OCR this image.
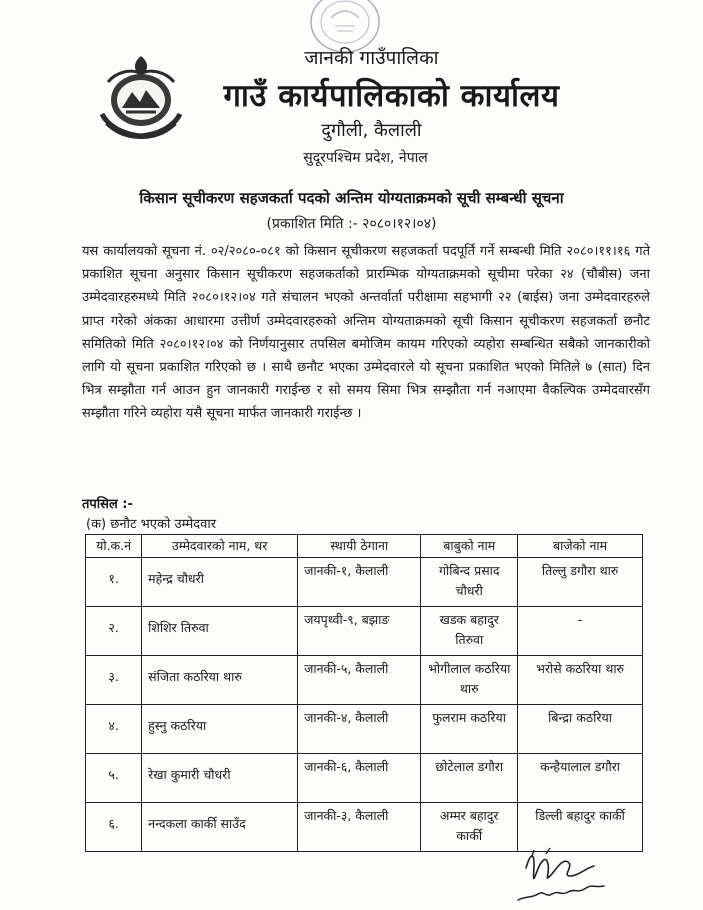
जानकी गाउँपालिका
गाउँ कार्यपालिकाको कार्यालय
दुगौली, कैलाली
सुदूरपश्चिम प्रदेश, नेपाल
किसान सूचीकरण सहजकर्ता पदको अन्तिम योग्यताक्रमको सूची सम्बन्धी सूचना
(प्रकाशित मिति :- २०८०।१२।०४)
यस कार्यालयको सूचना नं. ०२/२०८०-०८१ को किसान सूचीकरण सहजकर्ता पदपूर्ति गर्ने सम्बन्धी मिति २०८०।११।१६ गते प्रकाशित सूचना अनुसार किसान सूचीकरण सहजकर्ताको प्रारम्भिक योग्यताक्रमको सूचीमा परेका २४ (चौबीस) जना उम्मेदवारहरुमध्ये मिति २०८०।१२।०४ गते संचालन भएको अन्तर्वार्ता परीक्षामा सहभागी २२ (बाईस) जना उम्मेदवारहरुले प्राप्त गरेको अंकका आधारमा उत्तीर्ण उम्मेदवारहरुको अन्तिम योग्यताक्रमको सूची किसान सूचीकरण सहजकर्ता छनौट समितिको मिति २०८०।१२।०४ को निर्णयानुसार तपसिल बमोजिम कायम गरिएको व्यहोरा सम्बन्धित सबैको जानकारीको लागि यो सूचना प्रकाशित गरिएको छ । साथै छनौट भएका उम्मेदवारले यो सूचना प्रकाशित भएको मितिले ७ (सात) दिन भित्र सम्झौता गर्न आउन हुन जानकारी गराईन्छ र सो समय सिमा भित्र सम्झौता गर्न नआएमा वैकल्पिक उम्मेदवारसँग सम्झौता गरिने व्यहोरा यसै सूचना मार्फत जानकारी गराईन्छ ।
तपसिल :-
(क) छनौट भएको उम्मेदवार
यो.क.नं	उम्मेदवारको नाम, थर	स्थायी ठेगाना	बाबुको नाम	बाजेको नाम
१.	महेन्द्र चौधरी	जानकी-१, कैलाली	गोबिन्द प्रसाद चौधरी	तिल्लु डगौरा थारु
२.	शिशिर तिरुवा	जयपृथ्वी-९, बझाङ	खडक बहादुर तिरुवा	-
३.	संजिता कठरिया थारु	जानकी-५, कैलाली	भोगीलाल कठरिया थारु	भरोसे कठरिया थारु
४.	हुस्नु कठरिया	जानकी-४, कैलाली	फुलराम कठरिया	बिन्द्रा कठरिया
५.	रेखा कुमारी चौधरी	जानकी-६, कैलाली	छोटेलाल डगौरा	कन्हैयालाल डगौरा
६.	नन्दकला कार्की साउँद	जानकी-३, कैलाली	अम्मर बहादुर कार्की	डिल्ली बहादुर कार्की
